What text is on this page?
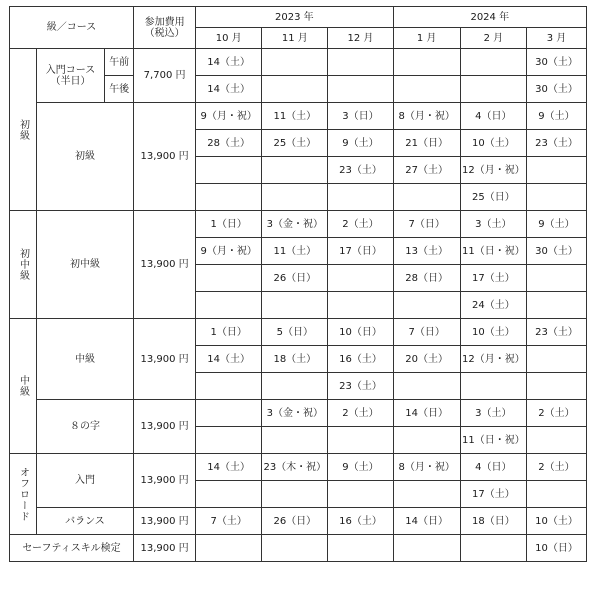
級／コース			参加費用
（税込）	2023 年			2024 年		
				10 月	11 月	12 月	1 月	2 月	3 月
初級	入門コース
（半日）	午前	7,700 円	14（土）					30（土）
		午後		14（土）					30（土）
	初級		13,900 円	9（月・祝）	11（土）	3（日）	8（月・祝）	4（日）	9（土）
				28（土）	25（土）	9（土）	21（日）	10（土）	23（土）
						23（土）	27（土）	12（月・祝）	
								25（日）	
初中級	初中級		13,900 円	1（日）	3（金・祝）	2（土）	7（日）	3（土）	9（土）
				9（月・祝）	11（土）	17（日）	13（土）	11（日・祝）	30（土）
					26（日）		28（日）	17（土）	
								24（土）	
中級	中級		13,900 円	1（日）	5（日）	10（日）	7（日）	10（土）	23（土）
				14（土）	18（土）	16（土）	20（土）	12（月・祝）	
						23（土）			
	８の字		13,900 円		3（金・祝）	2（土）	14（日）	3（土）	2（土）
								11（日・祝）	
オフロード	入門		13,900 円	14（土）	23（木・祝）	9（土）	8（月・祝）	4（日）	2（土）
								17（土）	
	バランス		13,900 円	7（土）	26（日）	16（土）	14（日）	18（日）	10（土）
セーフティスキル検定			13,900 円						10（日）
